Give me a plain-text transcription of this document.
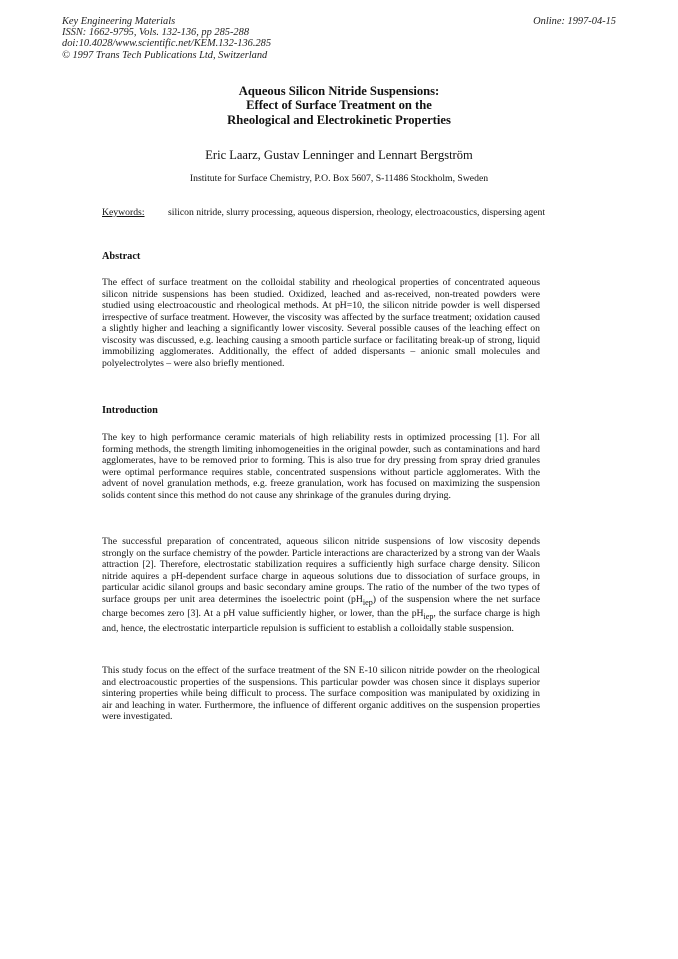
Key Engineering Materials
ISSN: 1662-9795, Vols. 132-136, pp 285-288
doi:10.4028/www.scientific.net/KEM.132-136.285
© 1997 Trans Tech Publications Ltd, Switzerland
Online: 1997-04-15
Aqueous Silicon Nitride Suspensions:
Effect of Surface Treatment on the
Rheological and Electrokinetic Properties
Eric Laarz, Gustav Lenninger and Lennart Bergström
Institute for Surface Chemistry, P.O. Box 5607, S-11486 Stockholm, Sweden
Keywords: silicon nitride, slurry processing, aqueous dispersion, rheology, electroacoustics, dispersing agent
Abstract
The effect of surface treatment on the colloidal stability and rheological properties of concentrated aqueous silicon nitride suspensions has been studied. Oxidized, leached and as-received, non-treated powders were studied using electroacoustic and rheological methods. At pH=10, the silicon nitride powder is well dispersed irrespective of surface treatment. However, the viscosity was affected by the surface treatment; oxidation caused a slightly higher and leaching a significantly lower viscosity. Several possible causes of the leaching effect on viscosity was discussed, e.g. leaching causing a smooth particle surface or facilitating break-up of strong, liquid immobilizing agglomerates. Additionally, the effect of added dispersants – anionic small molecules and polyelectrolytes – were also briefly mentioned.
Introduction
The key to high performance ceramic materials of high reliability rests in optimized processing [1]. For all forming methods, the strength limiting inhomogeneities in the original powder, such as contaminations and hard agglomerates, have to be removed prior to forming. This is also true for dry pressing from spray dried granules were optimal performance requires stable, concentrated suspensions without particle agglomerates. With the advent of novel granulation methods, e.g. freeze granulation, work has focused on maximizing the suspension solids content since this method do not cause any shrinkage of the granules during drying.
The successful preparation of concentrated, aqueous silicon nitride suspensions of low viscosity depends strongly on the surface chemistry of the powder. Particle interactions are characterized by a strong van der Waals attraction [2]. Therefore, electrostatic stabilization requires a sufficiently high surface charge density. Silicon nitride aquires a pH-dependent surface charge in aqueous solutions due to dissociation of surface groups, in particular acidic silanol groups and basic secondary amine groups. The ratio of the number of the two types of surface groups per unit area determines the isoelectric point $(pH_{iep})$ of the suspension where the net surface charge becomes zero [3]. At a pH value sufficiently higher, or lower, than the $pH_{iep}$, the surface charge is high and, hence, the electrostatic interparticle repulsion is sufficient to establish a colloidally stable suspension.
This study focus on the effect of the surface treatment of the SN E-10 silicon nitride powder on the rheological and electroacoustic properties of the suspensions. This particular powder was chosen since it displays superior sintering properties while being difficult to process. The surface composition was manipulated by oxidizing in air and leaching in water. Furthermore, the influence of different organic additives on the suspension properties were investigated.
